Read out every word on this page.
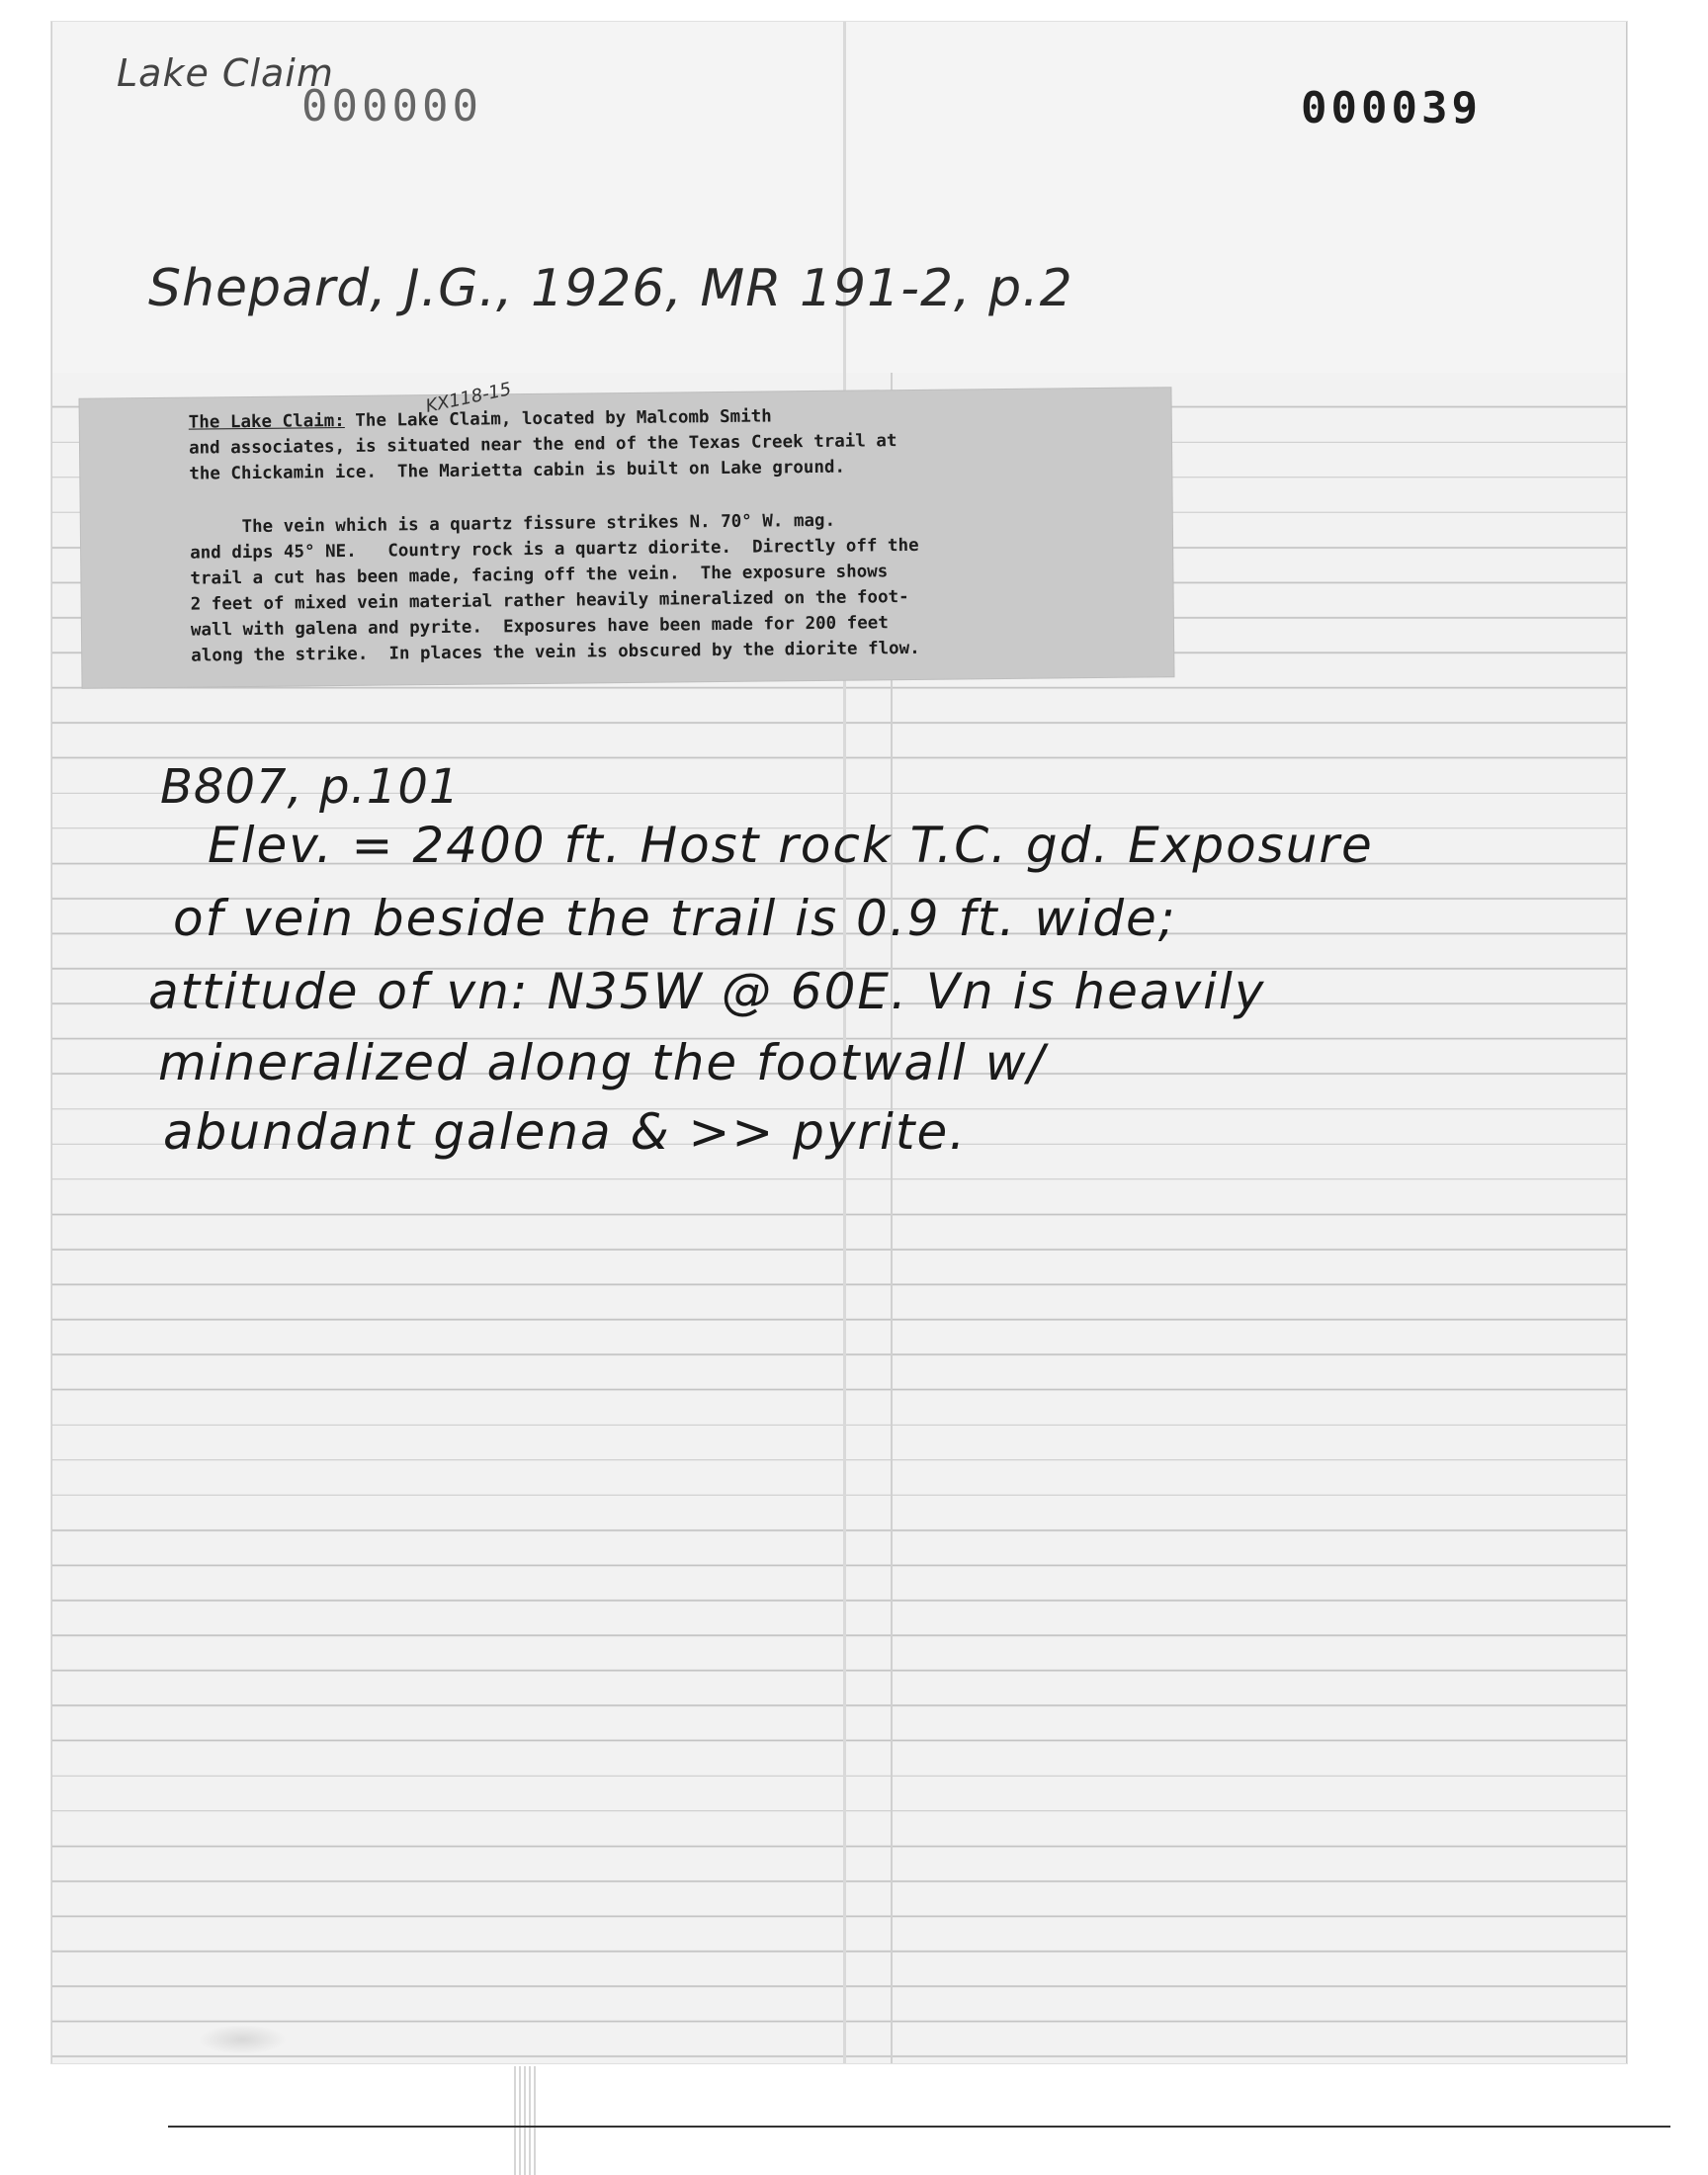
Lake Claim
000000	000039
Shepard, J.G., 1926, MR 191-2, p.2

The Lake Claim: The Lake Claim, located by Malcomb Smith
and associates, is situated near the end of the Texas Creek trail at
the Chickamin ice.  The Marietta cabin is built on Lake ground.

The vein which is a quartz fissure strikes N. 70° W. mag.
and dips 45° NE.   Country rock is a quartz diorite.  Directly off the
trail a cut has been made, facing off the vein.  The exposure shows
2 feet of mixed vein material rather heavily mineralized on the foot-
wall with galena and pyrite.  Exposures have been made for 200 feet
along the strike.  In places the vein is obscured by the diorite flow.

KX118-15
B807, p.101
Elev. = 2400 ft. Host rock T.C. gd. Exposure
of vein beside the trail is 0.9 ft. wide;
attitude of vn: N35W @ 60E. Vn is heavily
mineralized along the footwall w/
abundant galena & >> pyrite.
